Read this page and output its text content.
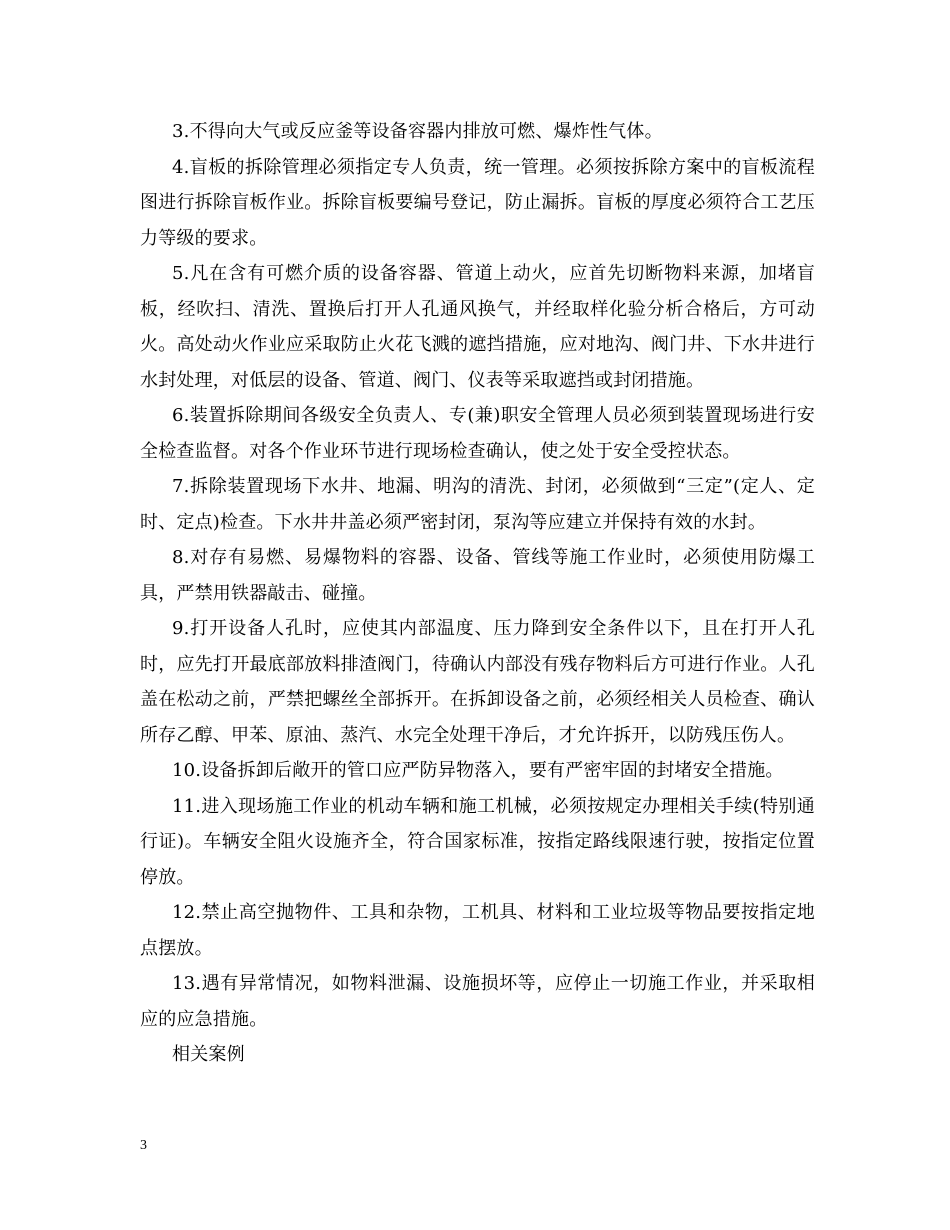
3.不得向大气或反应釜等设备容器内排放可燃、爆炸性气体。

4.盲板的拆除管理必须指定专人负责，统一管理。必须按拆除方案中的盲板流程图进行拆除盲板作业。拆除盲板要编号登记，防止漏拆。盲板的厚度必须符合工艺压力等级的要求。

5.凡在含有可燃介质的设备容器、管道上动火，应首先切断物料来源，加堵盲板，经吹扫、清洗、置换后打开人孔通风换气，并经取样化验分析合格后，方可动火。高处动火作业应采取防止火花飞溅的遮挡措施，应对地沟、阀门井、下水井进行水封处理，对低层的设备、管道、阀门、仪表等采取遮挡或封闭措施。

6.装置拆除期间各级安全负责人、专(兼)职安全管理人员必须到装置现场进行安全检查监督。对各个作业环节进行现场检查确认，使之处于安全受控状态。

7.拆除装置现场下水井、地漏、明沟的清洗、封闭，必须做到“三定”(定人、定时、定点)检查。下水井井盖必须严密封闭，泵沟等应建立并保持有效的水封。

8.对存有易燃、易爆物料的容器、设备、管线等施工作业时，必须使用防爆工具，严禁用铁器敲击、碰撞。

9.打开设备人孔时，应使其内部温度、压力降到安全条件以下，且在打开人孔时，应先打开最底部放料排渣阀门，待确认内部没有残存物料后方可进行作业。人孔盖在松动之前，严禁把螺丝全部拆开。在拆卸设备之前，必须经相关人员检查、确认所存乙醇、甲苯、原油、蒸汽、水完全处理干净后，才允许拆开，以防残压伤人。

10.设备拆卸后敞开的管口应严防异物落入，要有严密牢固的封堵安全措施。

11.进入现场施工作业的机动车辆和施工机械，必须按规定办理相关手续(特别通行证)。车辆安全阻火设施齐全，符合国家标准，按指定路线限速行驶，按指定位置停放。

12.禁止高空抛物件、工具和杂物，工机具、材料和工业垃圾等物品要按指定地点摆放。

13.遇有异常情况，如物料泄漏、设施损坏等，应停止一切施工作业，并采取相应的应急措施。

相关案例

3
